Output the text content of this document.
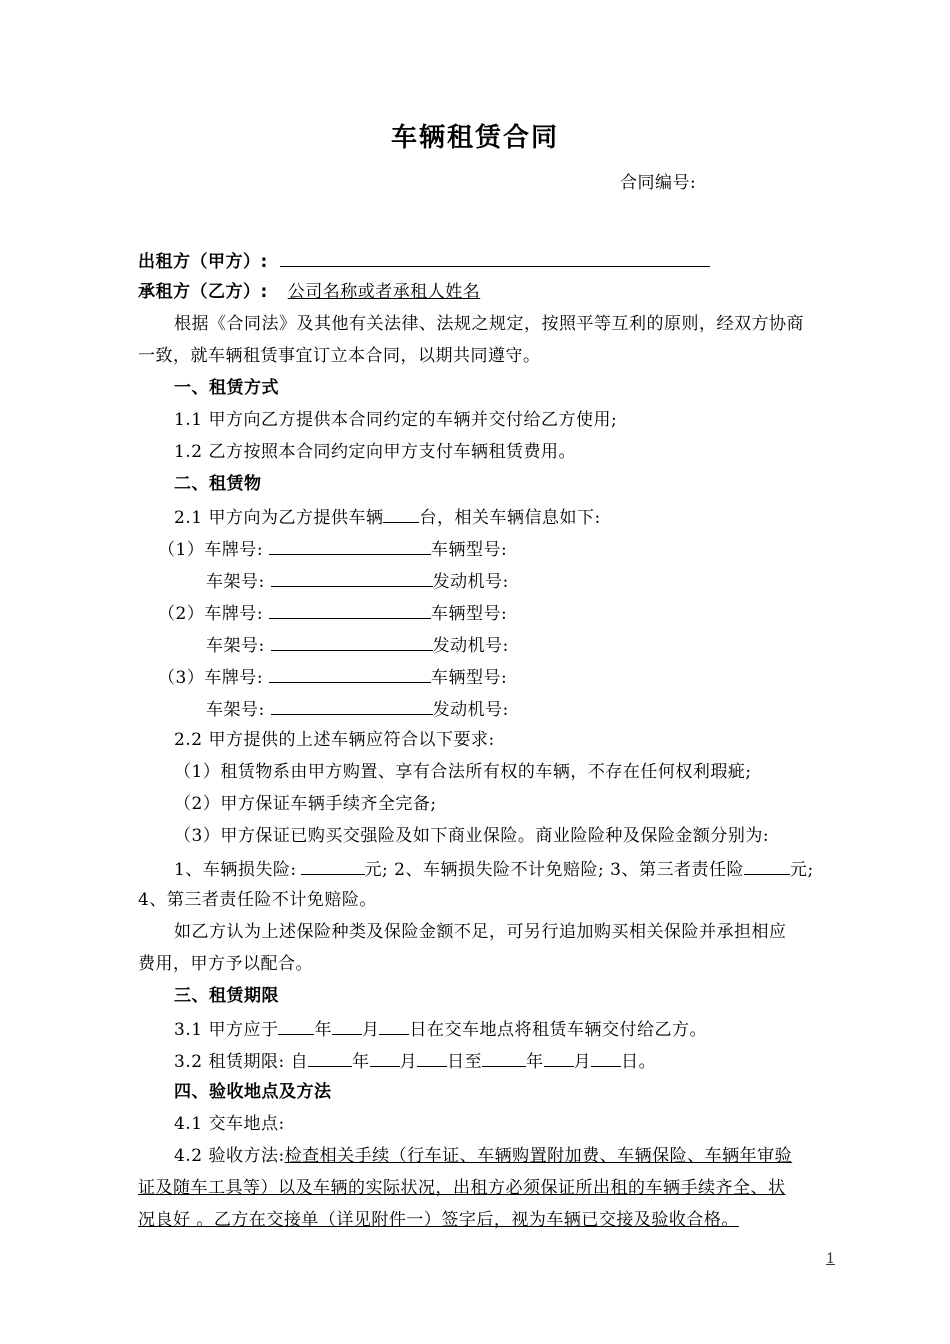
车辆租赁合同
合同编号:
出租方（甲方）:
承租方（乙方）: 公司名称或者承租人姓名
根据《合同法》及其他有关法律、法规之规定，按照平等互利的原则，经双方协商
一致，就车辆租赁事宜订立本合同，以期共同遵守。
一、租赁方式
1.1 甲方向乙方提供本合同约定的车辆并交付给乙方使用;
1.2 乙方按照本合同约定向甲方支付车辆租赁费用。
二、租赁物
2.1 甲方向为乙方提供车辆 台，相关车辆信息如下:
（1）车牌号:	车辆型号:
车架号:	发动机号:
（2）车牌号:	车辆型号:
车架号:	发动机号:
（3）车牌号:	车辆型号:
车架号:	发动机号:
2.2 甲方提供的上述车辆应符合以下要求:
（1）租赁物系由甲方购置、享有合法所有权的车辆，不存在任何权利瑕疵;
（2）甲方保证车辆手续齐全完备;
（3）甲方保证已购买交强险及如下商业保险。商业险险种及保险金额分别为:
1、车辆损失险:	元; 2、车辆损失险不计免赔险; 3、第三者责任险	元;
4、第三者责任险不计免赔险。
如乙方认为上述保险种类及保险金额不足，可另行追加购买相关保险并承担相应
费用，甲方予以配合。
三、租赁期限
3.1 甲方应于 年 月 日在交车地点将租赁车辆交付给乙方。
3.2 租赁期限: 自	年 月 日至	年 月 日。
四、验收地点及方法
4.1 交车地点:
4.2 验收方法:检查相关手续（行车证、车辆购置附加费、车辆保险、车辆年审验
证及随车工具等）以及车辆的实际状况，出租方必须保证所出租的车辆手续齐全、状
况良好 。乙方在交接单（详见附件一）签字后，视为车辆已交接及验收合格。
1
